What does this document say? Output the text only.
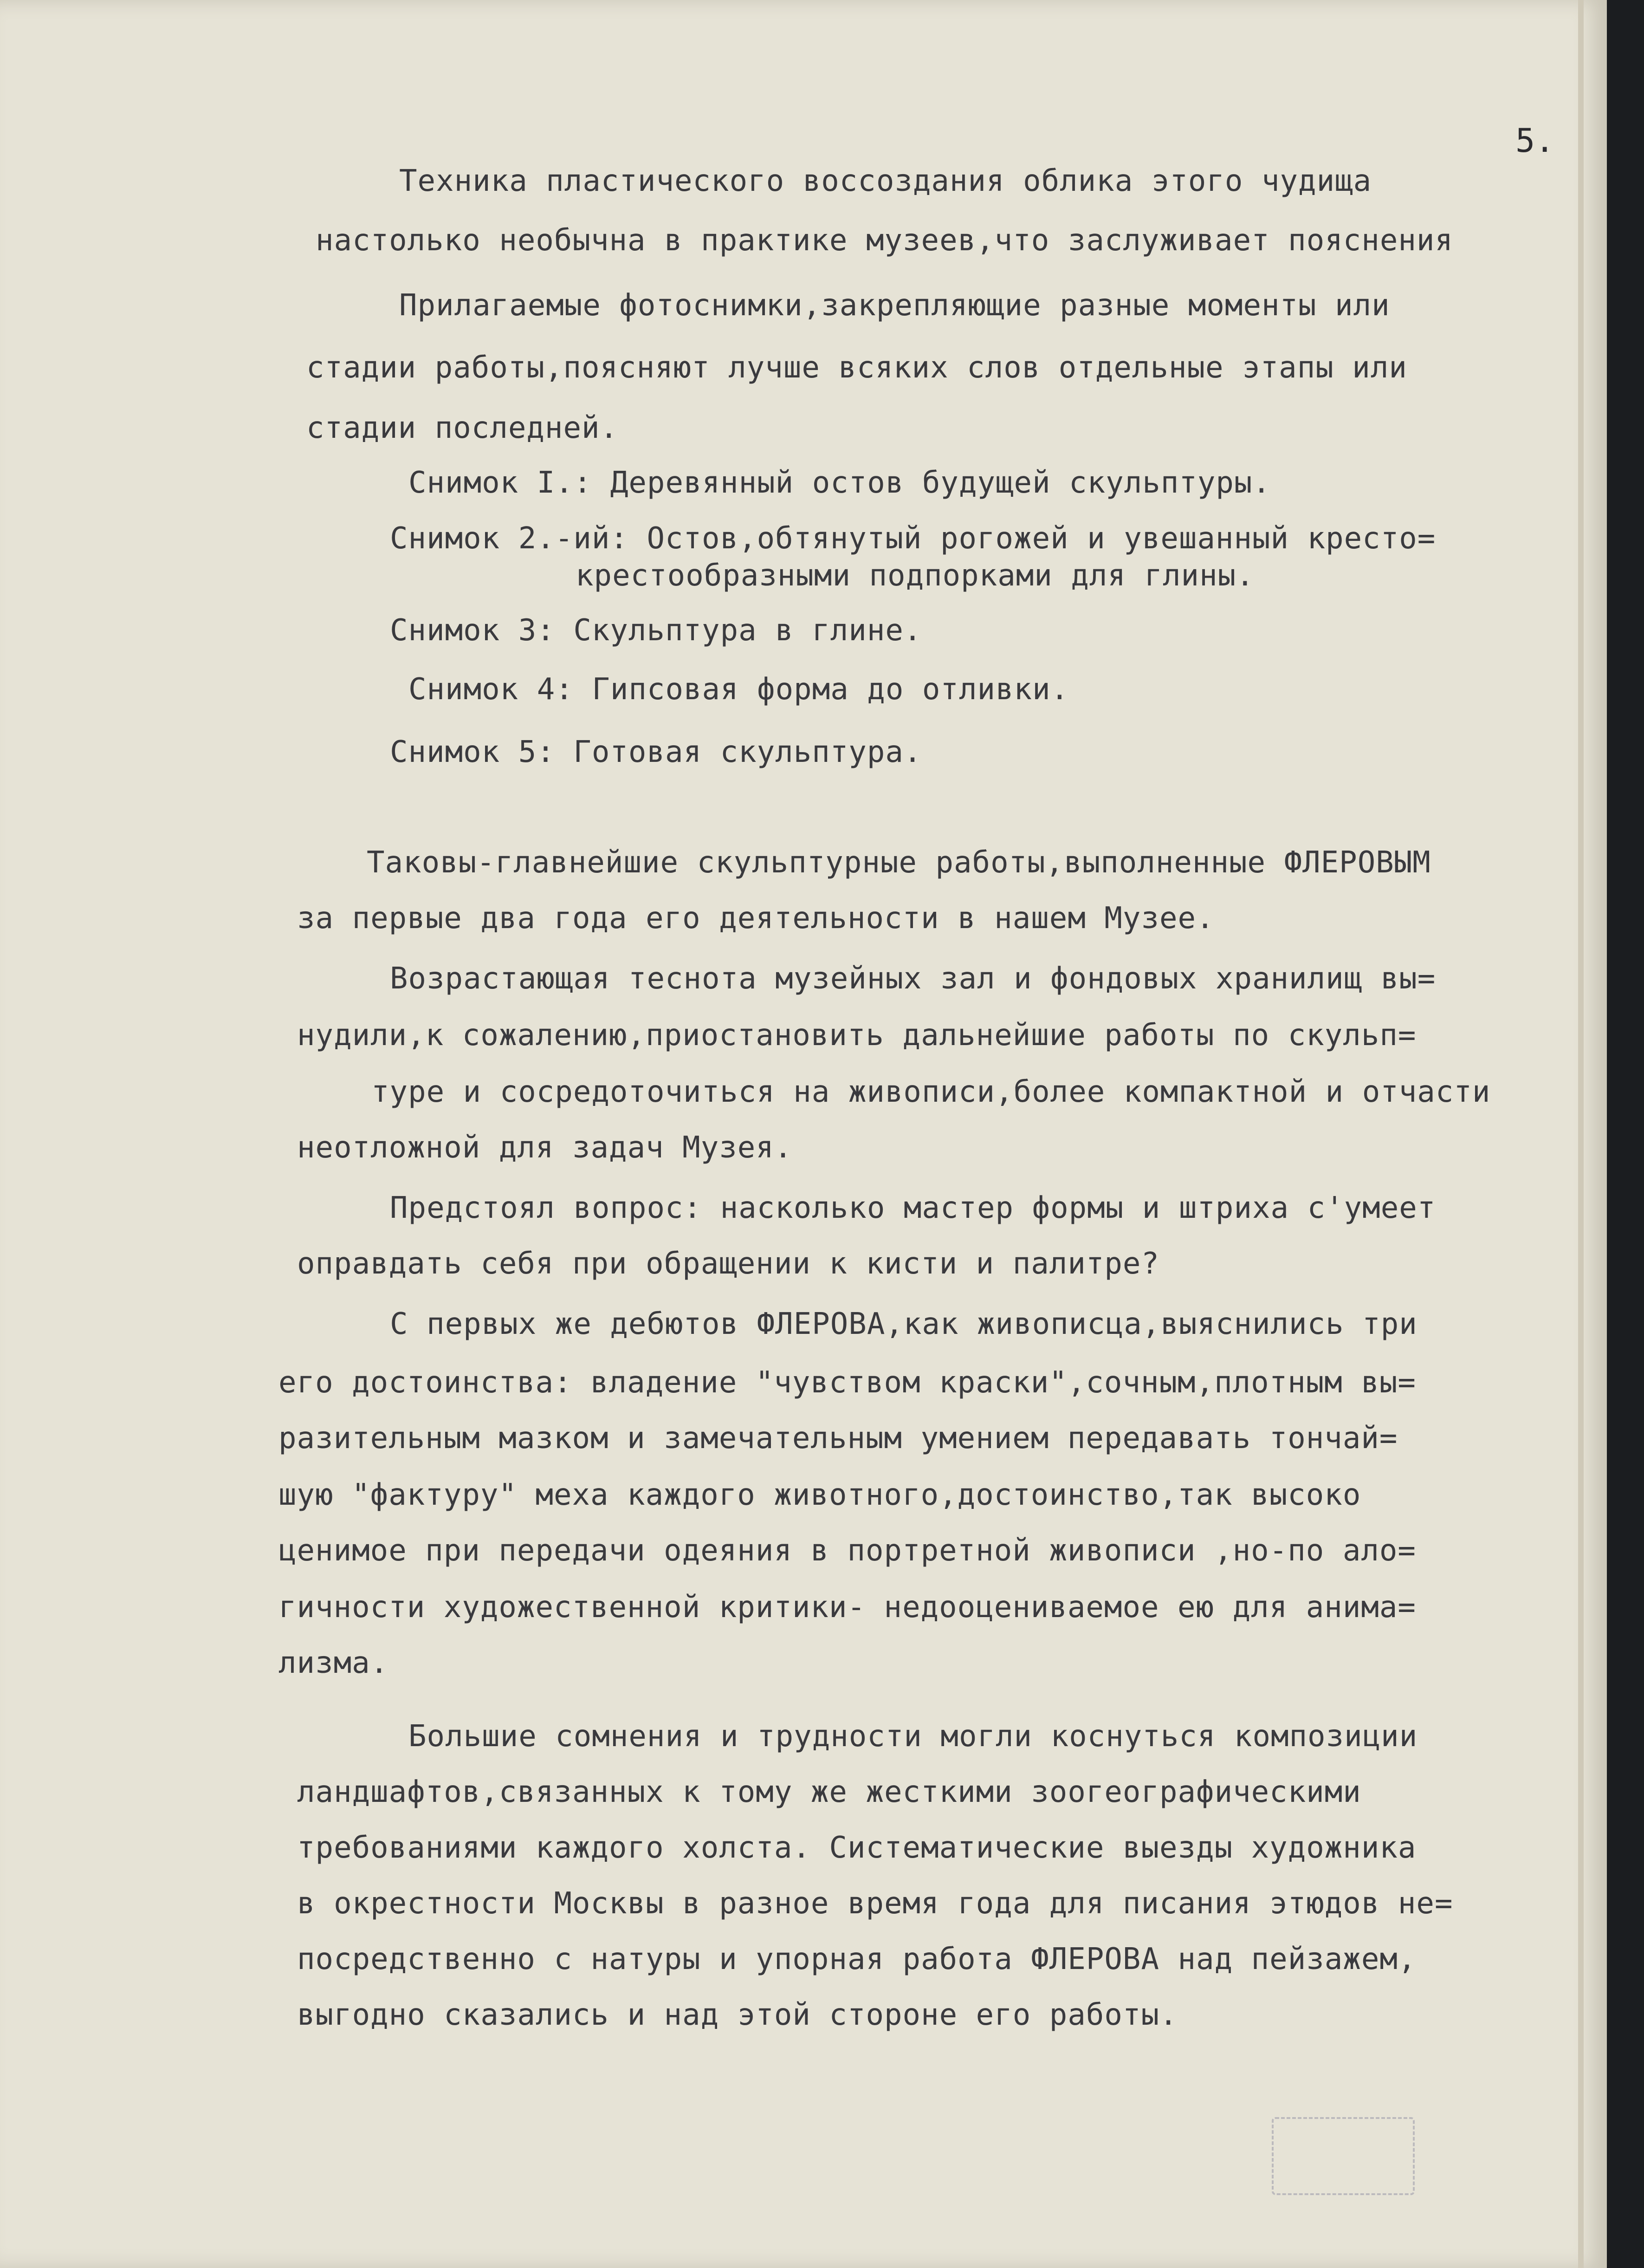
5.
Техника пластического воссоздания облика этого чудища
настолько необычна в практике музеев,что заслуживает пояснения
Прилагаемые фотоснимки,закрепляющие разные моменты или
стадии работы,поясняют лучше всяких слов отдельные этапы или
стадии последней.
Снимок I.: Деревянный остов будущей скульптуры.
Снимок 2.-ий: Остов,обтянутый рогожей и увешанный кресто=
крестообразными подпорками для глины.
Снимок 3: Скульптура в глине.
Снимок 4: Гипсовая форма до отливки.
Снимок 5: Готовая скульптура.
Таковы-главнейшие скульптурные работы,выполненные ФЛЕРОВЫМ
за первые два года его деятельности в нашем Музее.
Возрастающая теснота музейных зал и фондовых хранилищ вы=
нудили,к сожалению,приостановить дальнейшие работы по скульп=
туре и сосредоточиться на живописи,более компактной и отчасти
неотложной для задач Музея.
Предстоял вопрос: насколько мастер формы и штриха с'умеет
оправдать себя при обращении к кисти и палитре?
С первых же дебютов ФЛЕРОВА,как живописца,выяснились три
его достоинства: владение "чувством краски",сочным,плотным вы=
разительным мазком и замечательным умением передавать тончай=
шую "фактуру" меха каждого животного,достоинство,так высоко
ценимое при передачи одеяния в портретной живописи ,но-по ало=
гичности художественной критики- недооцениваемое ею для анима=
лизма.
Большие сомнения и трудности могли коснуться композиции
ландшафтов,связанных к тому же жесткими зоогеографическими
требованиями каждого холста. Систематические выезды художника
в окрестности Москвы в разное время года для писания этюдов не=
посредственно с натуры и упорная работа ФЛЕРОВА над пейзажем,
выгодно сказались и над этой стороне его работы.
